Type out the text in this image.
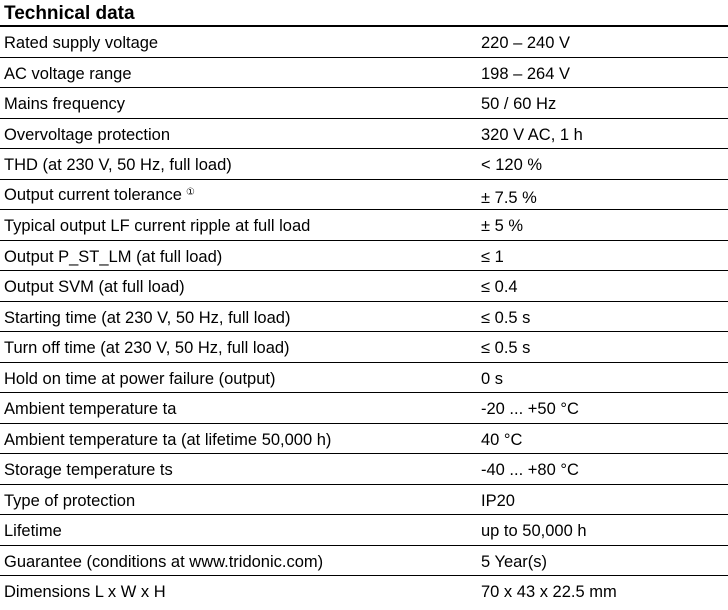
Technical data
Rated supply voltage	220 – 240 V
AC voltage range	198 – 264 V
Mains frequency	50 / 60 Hz
Overvoltage protection	320 V AC, 1 h
THD (at 230 V, 50 Hz, full load)	< 120 %
Output current tolerance ①	± 7.5 %
Typical output LF current ripple at full load	± 5 %
Output P_ST_LM (at full load)	≤ 1
Output SVM (at full load)	≤ 0.4
Starting time (at 230 V, 50 Hz, full load)	≤ 0.5 s
Turn off time (at 230 V, 50 Hz, full load)	≤ 0.5 s
Hold on time at power failure (output)	0 s
Ambient temperature ta	-20 ... +50 °C
Ambient temperature ta (at lifetime 50,000 h)	40 °C
Storage temperature ts	-40 ... +80 °C
Type of protection	IP20
Lifetime	up to 50,000 h
Guarantee (conditions at www.tridonic.com)	5 Year(s)
Dimensions L x W x H	70 x 43 x 22.5 mm
